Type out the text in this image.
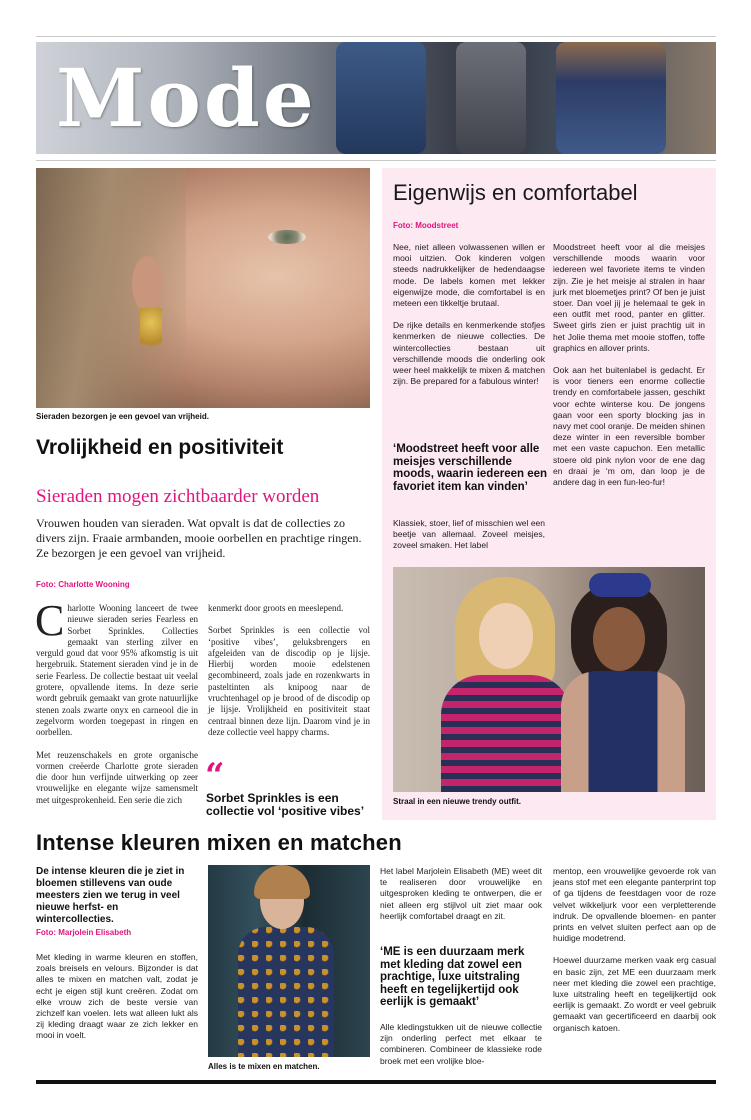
Mode
Sieraden bezorgen je een gevoel van vrijheid.
Vrolijkheid en positiviteit
Sieraden mogen zichtbaarder worden
Vrouwen houden van sieraden. Wat opvalt is dat de collecties zo divers zijn. Fraaie armbanden, mooie oorbellen en prachtige ringen. Ze bezorgen je een gevoel van vrijheid.
Foto: Charlotte Wooning

Charlotte Wooning lanceert de twee nieuwe sieraden series Fearless en Sorbet Sprinkles. Collecties gemaakt van sterling zilver en verguld goud dat voor 95% afkomstig is uit hergebruik. Statement sieraden vind je in de serie Fearless. De collectie bestaat uit veelal grotere, opvallende items. In deze serie wordt gebruik gemaakt van grote natuurlijke stenen zoals zwarte onyx en carneool die in zegelvorm worden toegepast in ringen en oorbellen.

Met reuzenschakels en grote organische vormen creëerde Charlotte grote sieraden die door hun verfijnde uitwerking op zeer vrouwelijke en elegante wijze samensmelt met uitgesprokenheid. Een serie die zich

kenmerkt door groots en meeslepend.

Sorbet Sprinkles is een collectie vol ‘positive vibes’, geluksbrengers en afgeleiden van de discodip op je lijsje. Hierbij worden mooie edelstenen gecombineerd, zoals jade en rozenkwarts in pasteltinten als knipoog naar de vruchtenhagel op je brood of de discodip op je lijsje. Vrolijkheid en positiviteit staat centraal binnen deze lijn. Daarom vind je in deze collectie veel happy charms.

“
Sorbet Sprinkles is een collectie vol ‘positive vibes’
Eigenwijs en comfortabel
Foto: Moodstreet

Nee, niet alleen volwassenen willen er mooi uitzien. Ook kinderen volgen steeds nadrukkelijker de hedendaagse mode. De labels komen met lekker eigenwijze mode, die comfortabel is en meteen een tikkeltje brutaal.

De rijke details en kenmerkende stofjes kenmerken de nieuwe collecties. De wintercollecties bestaan uit verschillende moods die onderling ook weer heel makkelijk te mixen & matchen zijn. Be prepared for a fabulous winter!

‘Moodstreet heeft voor alle meisjes verschillende moods, waarin iedereen een favoriet item kan vinden’

Klassiek, stoer, lief of misschien wel een beetje van allemaal. Zoveel meisjes, zoveel smaken. Het label

Moodstreet heeft voor al die meisjes verschillende moods waarin voor iedereen wel favoriete items te vinden zijn. Zie je het meisje al stralen in haar jurk met bloemetjes print? Of ben je juist stoer. Dan voel jij je helemaal te gek in een outfit met rood, panter en glitter. Sweet girls zien er juist prachtig uit in het Jolie thema met mooie stoffen, toffe graphics en allover prints.

Ook aan het buitenlabel is gedacht. Er is voor tieners een enorme collectie trendy en comfortabele jassen, geschikt voor echte winterse kou. De jongens gaan voor een sporty blocking jas in navy met cool oranje. De meiden shinen deze winter in een reversible bomber met een vaste capuchon. Een metallic stoere old pink nylon voor de ene dag en draai je ‘m om, dan loop je de andere dag in een fun-leo-fur!

Straal in een nieuwe trendy outfit.
Intense kleuren mixen en matchen
De intense kleuren die je ziet in bloemen stillevens van oude meesters zien we terug in veel nieuwe herfst- en wintercollecties.
Foto: Marjolein Elisabeth

Met kleding in warme kleuren en stoffen, zoals breisels en velours. Bijzonder is dat alles te mixen en matchen valt, zodat je echt je eigen stijl kunt creëren. Zodat om elke vrouw zich de beste versie van zichzelf kan voelen. Iets wat alleen lukt als zij kleding draagt waar ze zich lekker en mooi in voelt.

Alles is te mixen en matchen.

Het label Marjolein Elisabeth (ME) weet dit te realiseren door vrouwelijke en uitgesproken kleding te ontwerpen, die er niet alleen erg stijlvol uit ziet maar ook heerlijk comfortabel draagt en zit.

‘ME is een duurzaam merk met kleding dat zowel een prachtige, luxe uitstraling heeft en tegelijkertijd ook eerlijk is gemaakt’

Alle kledingstukken uit de nieuwe collectie zijn onderling perfect met elkaar te combineren. Combineer de klassieke rode broek met een vrolijke bloe-

mentop, een vrouwelijke gevoerde rok van jeans stof met een elegante panterprint top of ga tijdens de feestdagen voor de roze velvet wikkeljurk voor een verpletterende indruk. De opvallende bloemen- en panter prints en velvet sluiten perfect aan op de huidige modetrend.

Hoewel duurzame merken vaak erg casual en basic zijn, zet ME een duurzaam merk neer met kleding die zowel een prachtige, luxe uitstraling heeft en tegelijkertijd ook eerlijk is gemaakt. Zo wordt er veel gebruik gemaakt van gecertificeerd en daarbij ook organisch katoen.
